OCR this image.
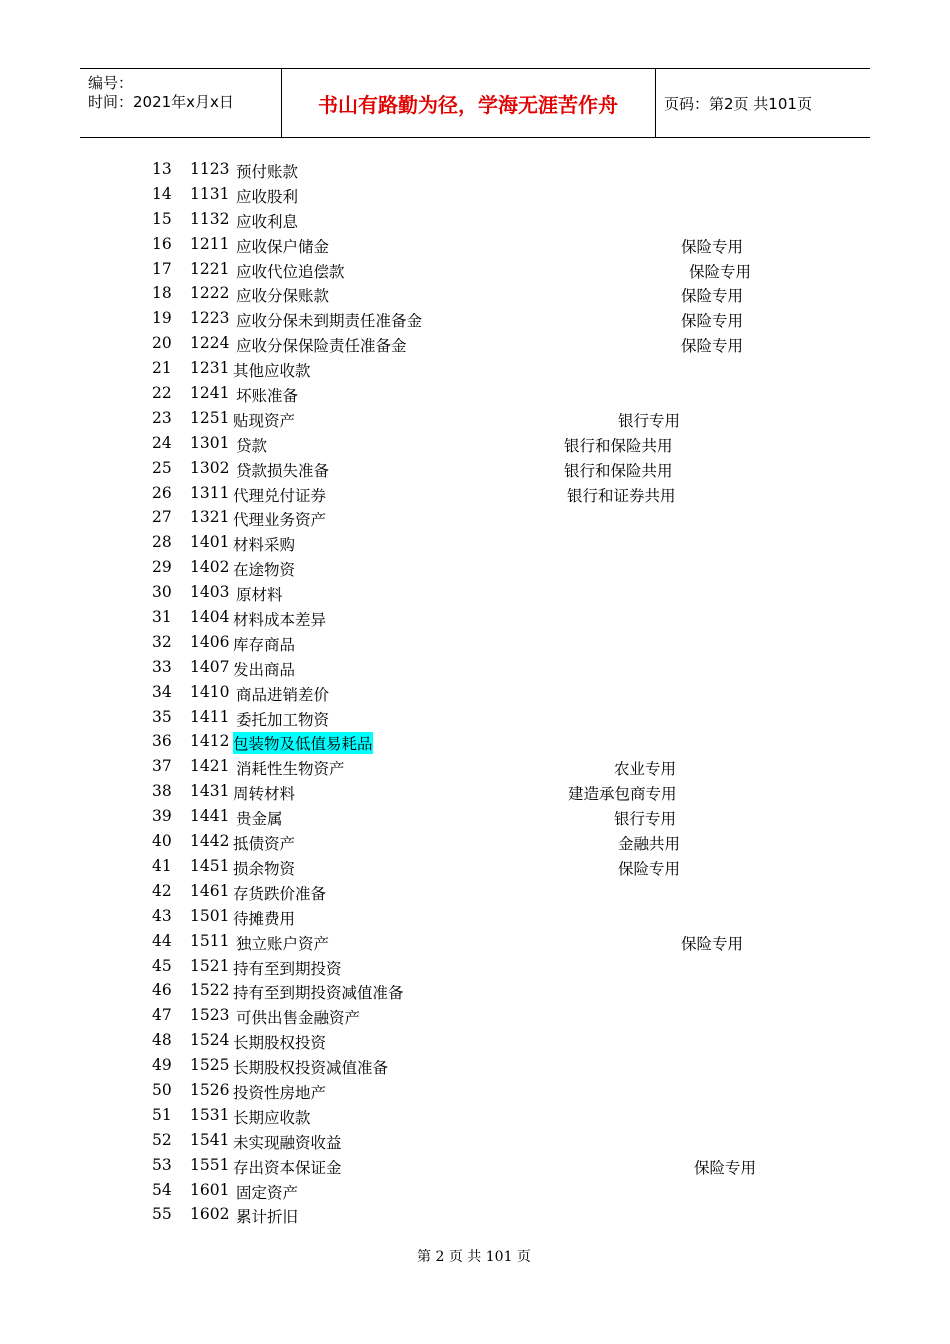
编号：
时间：2021年x月x日	书山有路勤为径，学海无涯苦作舟	页码：第2页 共101页
13 1123 预付账款
14 1131 应收股利
15 1132 应收利息
16 1211 应收保户储金	保险专用
17 1221 应收代位追偿款	保险专用
18 1222 应收分保账款	保险专用
19 1223 应收分保未到期责任准备金	保险专用
20 1224 应收分保保险责任准备金	保险专用
21 1231 其他应收款
22 1241 坏账准备
23 1251 贴现资产	银行专用
24 1301 贷款	银行和保险共用
25 1302 贷款损失准备	银行和保险共用
26 1311 代理兑付证券	银行和证券共用
27 1321 代理业务资产
28 1401 材料采购
29 1402 在途物资
30 1403 原材料
31 1404 材料成本差异
32 1406 库存商品
33 1407 发出商品
34 1410 商品进销差价
35 1411 委托加工物资
36 1412 包装物及低值易耗品
37 1421 消耗性生物资产	农业专用
38 1431 周转材料	建造承包商专用
39 1441 贵金属	银行专用
40 1442 抵债资产	金融共用
41 1451 损余物资	保险专用
42 1461 存货跌价准备
43 1501 待摊费用
44 1511 独立账户资产	保险专用
45 1521 持有至到期投资
46 1522 持有至到期投资减值准备
47 1523 可供出售金融资产
48 1524 长期股权投资
49 1525 长期股权投资减值准备
50 1526 投资性房地产
51 1531 长期应收款
52 1541 未实现融资收益
53 1551 存出资本保证金	保险专用
54 1601 固定资产
55 1602 累计折旧
第 2 页 共 101 页
